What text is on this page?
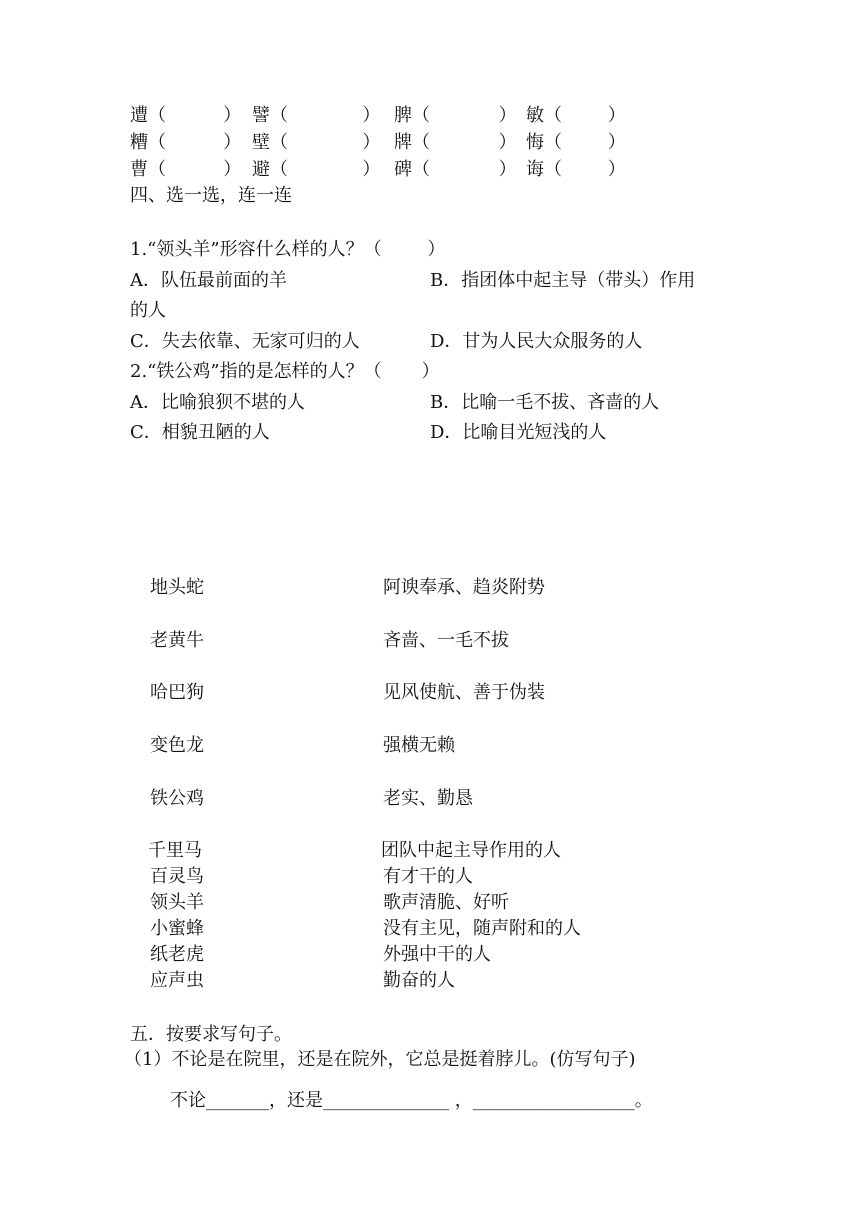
遭（          ） 譬（             ） 脾（            ） 敏（        ）
糟（          ） 壁（             ） 牌（            ） 悔（        ）
曹（          ） 避（             ） 碑（            ） 诲（        ）
四、选一选，连一连
1.“领头羊”形容什么样的人？（        ）
A．队伍最前面的羊	B．指团体中起主导（带头）作用
的人
C．失去依靠、无家可归的人	D．甘为人民大众服务的人
2.“铁公鸡”指的是怎样的人？（       ）
A．比喻狼狈不堪的人	B．比喻一毛不拔、吝啬的人
C．相貌丑陋的人	D．比喻目光短浅的人
地头蛇	阿谀奉承、趋炎附势
老黄牛	吝啬、一毛不拔
哈巴狗	见风使航、善于伪装
变色龙	强横无赖
铁公鸡	老实、勤恳
千里马	团队中起主导作用的人
百灵鸟	有才干的人
领头羊	歌声清脆、好听
小蜜蜂	没有主见，随声附和的人
纸老虎	外强中干的人
应声虫	勤奋的人
五．按要求写句子。
（1）不论是在院里，还是在院外，它总是挺着脖儿。(仿写句子)
不论_______，还是______________ ，__________________。
